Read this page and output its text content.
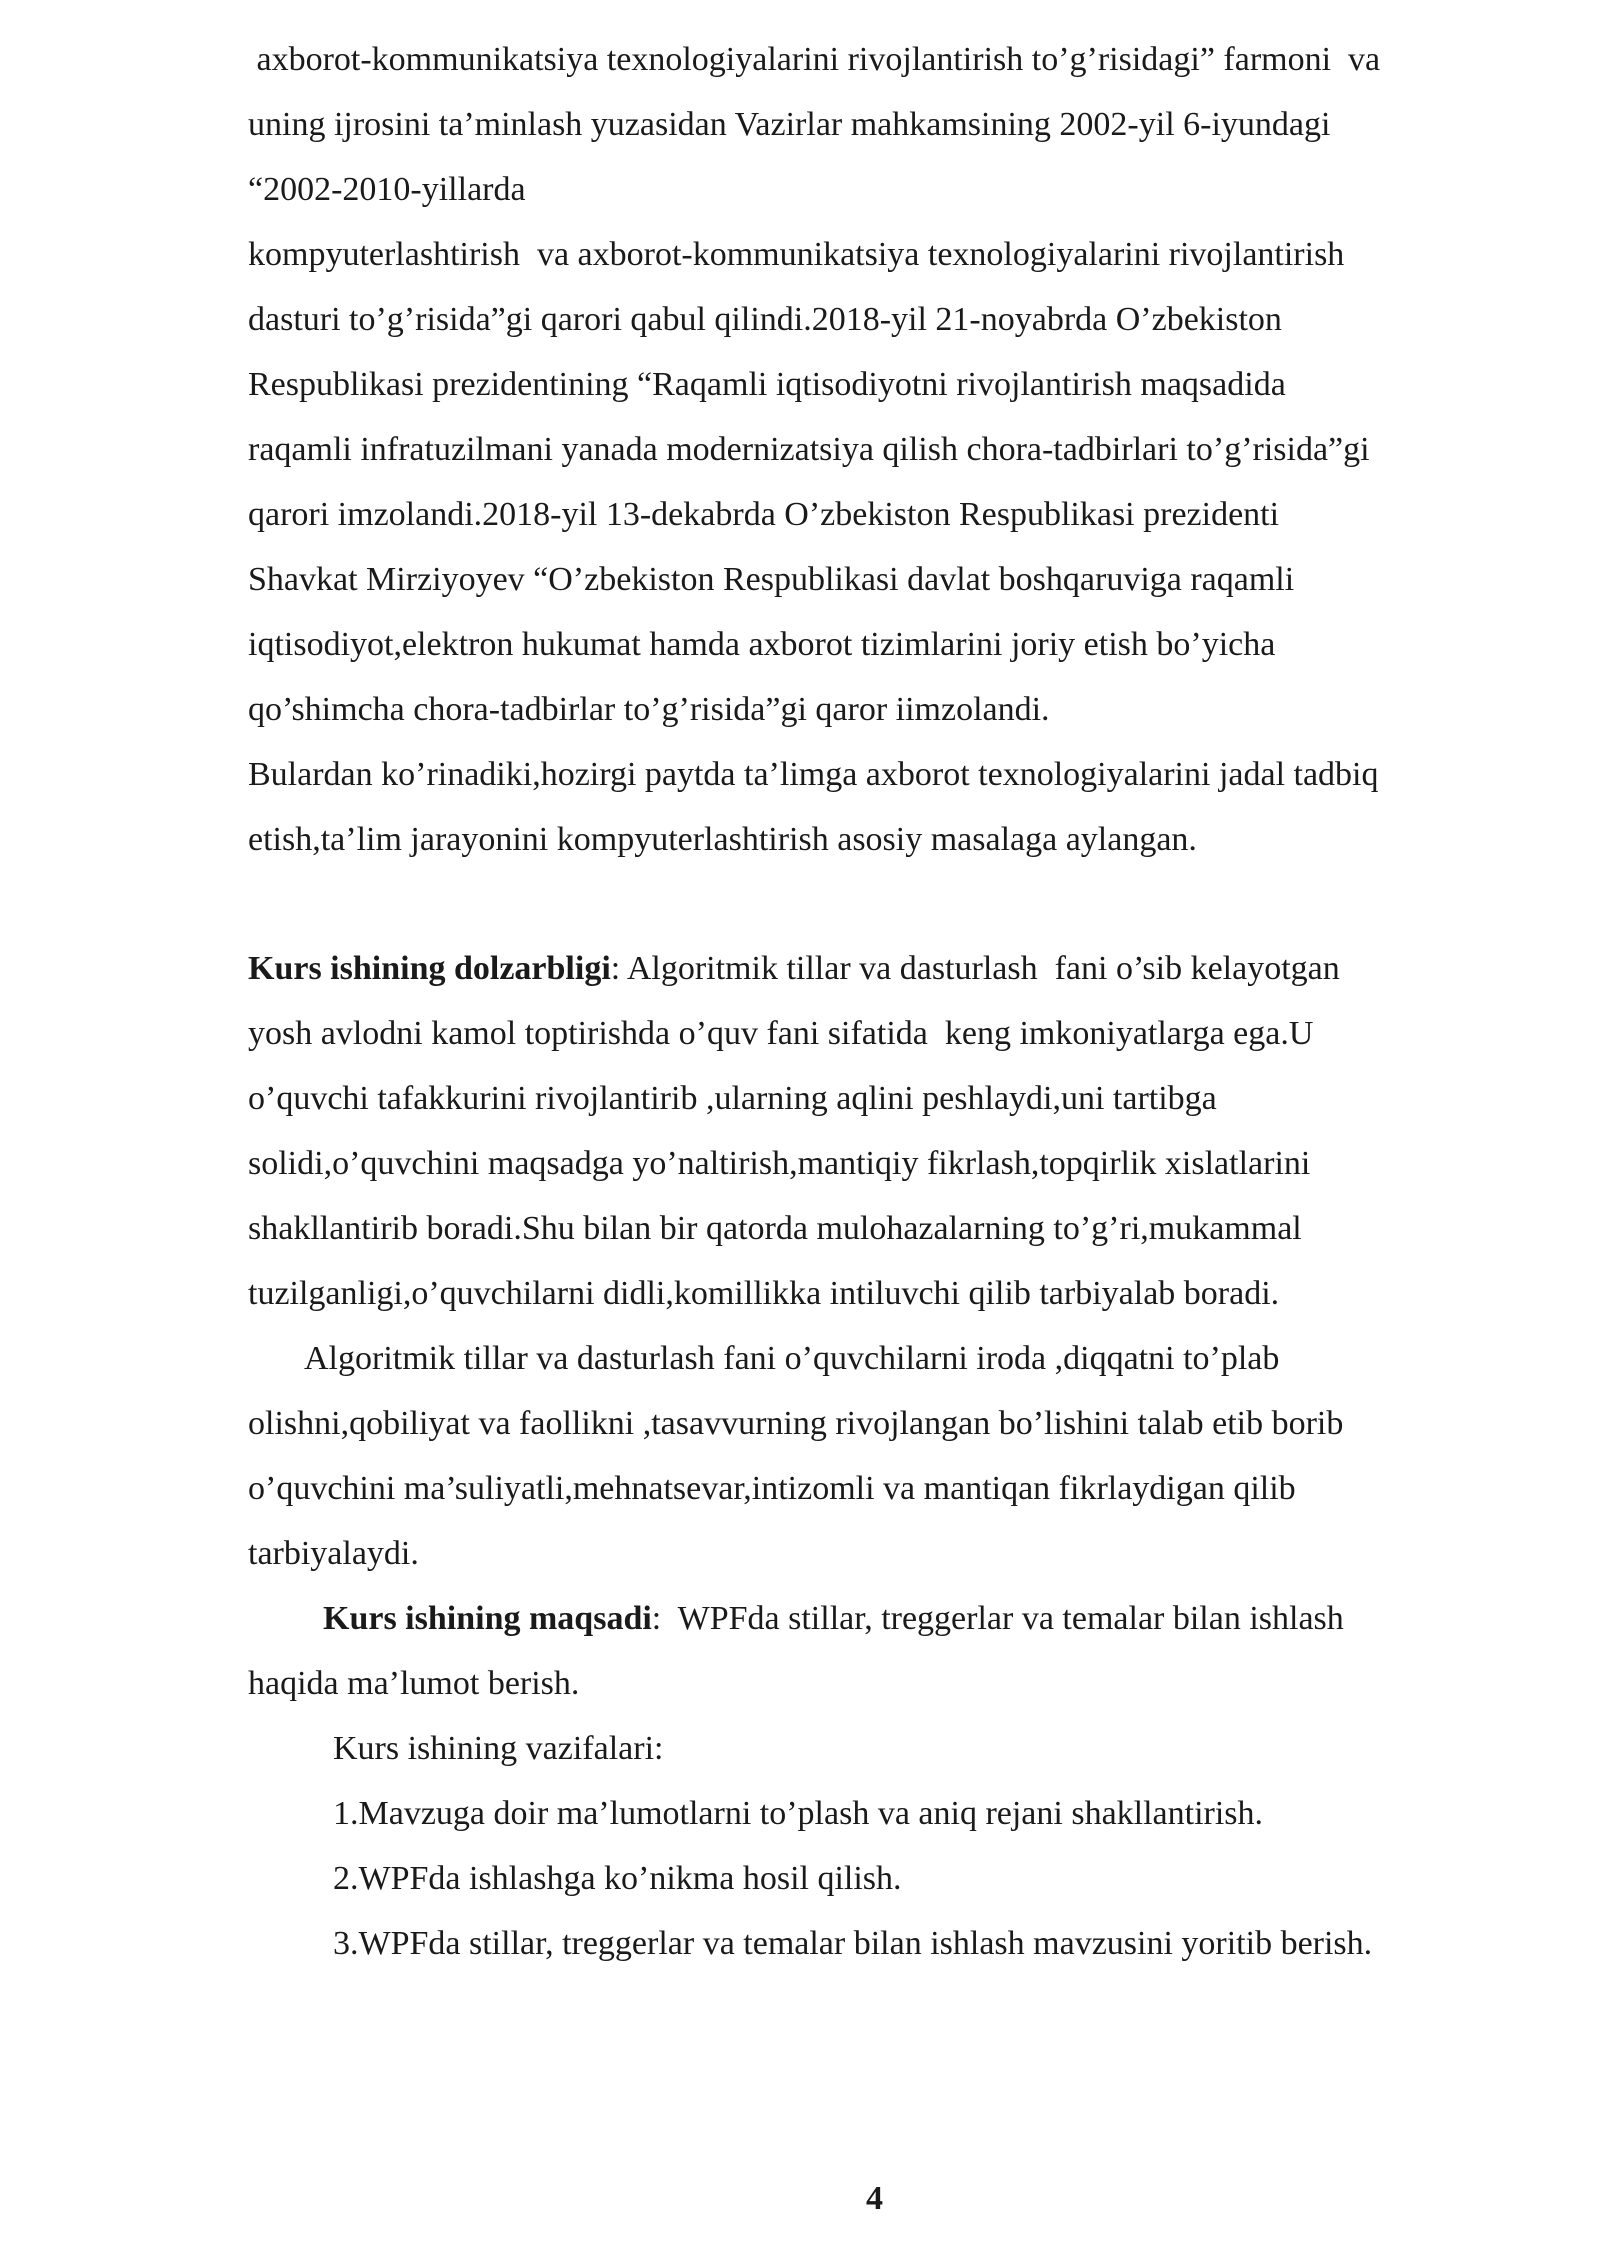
axborot-kommunikatsiya texnologiyalarini rivojlantirish to’g’risidagi” farmoni  va
uning ijrosini ta’minlash yuzasidan Vazirlar mahkamsining 2002-yil 6-iyundagi
“2002-2010-yillarda
kompyuterlashtirish  va axborot-kommunikatsiya texnologiyalarini rivojlantirish
dasturi to’g’risida”gi qarori qabul qilindi.2018-yil 21-noyabrda O’zbekiston
Respublikasi prezidentining “Raqamli iqtisodiyotni rivojlantirish maqsadida
raqamli infratuzilmani yanada modernizatsiya qilish chora-tadbirlari to’g’risida”gi
qarori imzolandi.2018-yil 13-dekabrda O’zbekiston Respublikasi prezidenti
Shavkat Mirziyoyev “O’zbekiston Respublikasi davlat boshqaruviga raqamli
iqtisodiyot,elektron hukumat hamda axborot tizimlarini joriy etish bo’yicha
qo’shimcha chora-tadbirlar to’g’risida”gi qaror iimzolandi.
Bulardan ko’rinadiki,hozirgi paytda ta’limga axborot texnologiyalarini jadal tadbiq
etish,ta’lim jarayonini kompyuterlashtirish asosiy masalaga aylangan.
Kurs ishining dolzarbligi: Algoritmik tillar va dasturlash  fani o’sib kelayotgan
yosh avlodni kamol toptirishda o’quv fani sifatida  keng imkoniyatlarga ega.U
o’quvchi tafakkurini rivojlantirib ,ularning aqlini peshlaydi,uni tartibga
solidi,o’quvchini maqsadga yo’naltirish,mantiqiy fikrlash,topqirlik xislatlarini
shakllantirib boradi.Shu bilan bir qatorda mulohazalarning to’g’ri,mukammal
tuzilganligi,o’quvchilarni didli,komillikka intiluvchi qilib tarbiyalab boradi.
Algoritmik tillar va dasturlash fani o’quvchilarni iroda ,diqqatni to’plab
olishni,qobiliyat va faollikni ,tasavvurning rivojlangan bo’lishini talab etib borib
o’quvchini ma’suliyatli,mehnatsevar,intizomli va mantiqan fikrlaydigan qilib
tarbiyalaydi.
Kurs ishining maqsadi:  WPFda stillar, treggerlar va temalar bilan ishlash
haqida ma’lumot berish.
Kurs ishining vazifalari:
1.Mavzuga doir ma’lumotlarni to’plash va aniq rejani shakllantirish.
2.WPFda ishlashga ko’nikma hosil qilish.
3.WPFda stillar, treggerlar va temalar bilan ishlash mavzusini yoritib berish.
4
